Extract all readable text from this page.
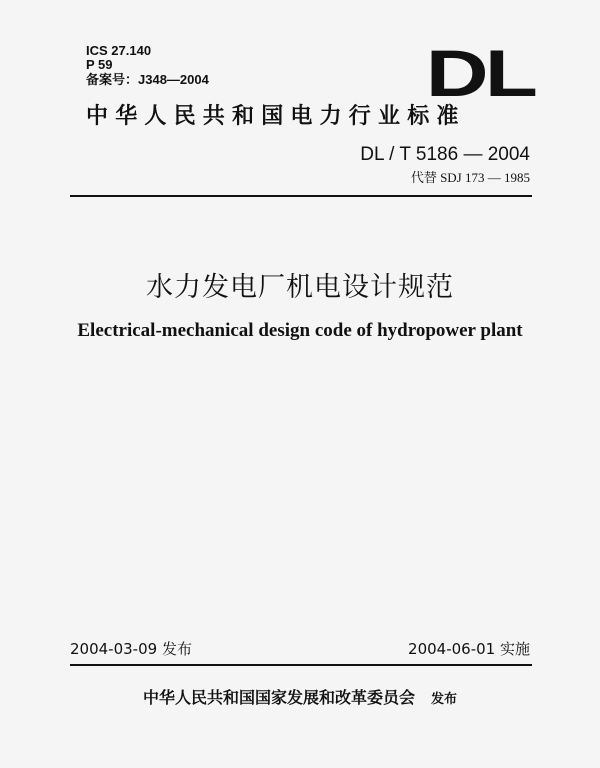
ICS 27.140
P 59
备案号：J348—2004	DL
中华人民共和国电力行业标准
DL / T 5186 — 2004
代替 SDJ 173 — 1985
水力发电厂机电设计规范
Electrical-mechanical design code of hydropower plant
2004-03-09 发布	2004-06-01 实施
中华人民共和国国家发展和改革委员会 发布
